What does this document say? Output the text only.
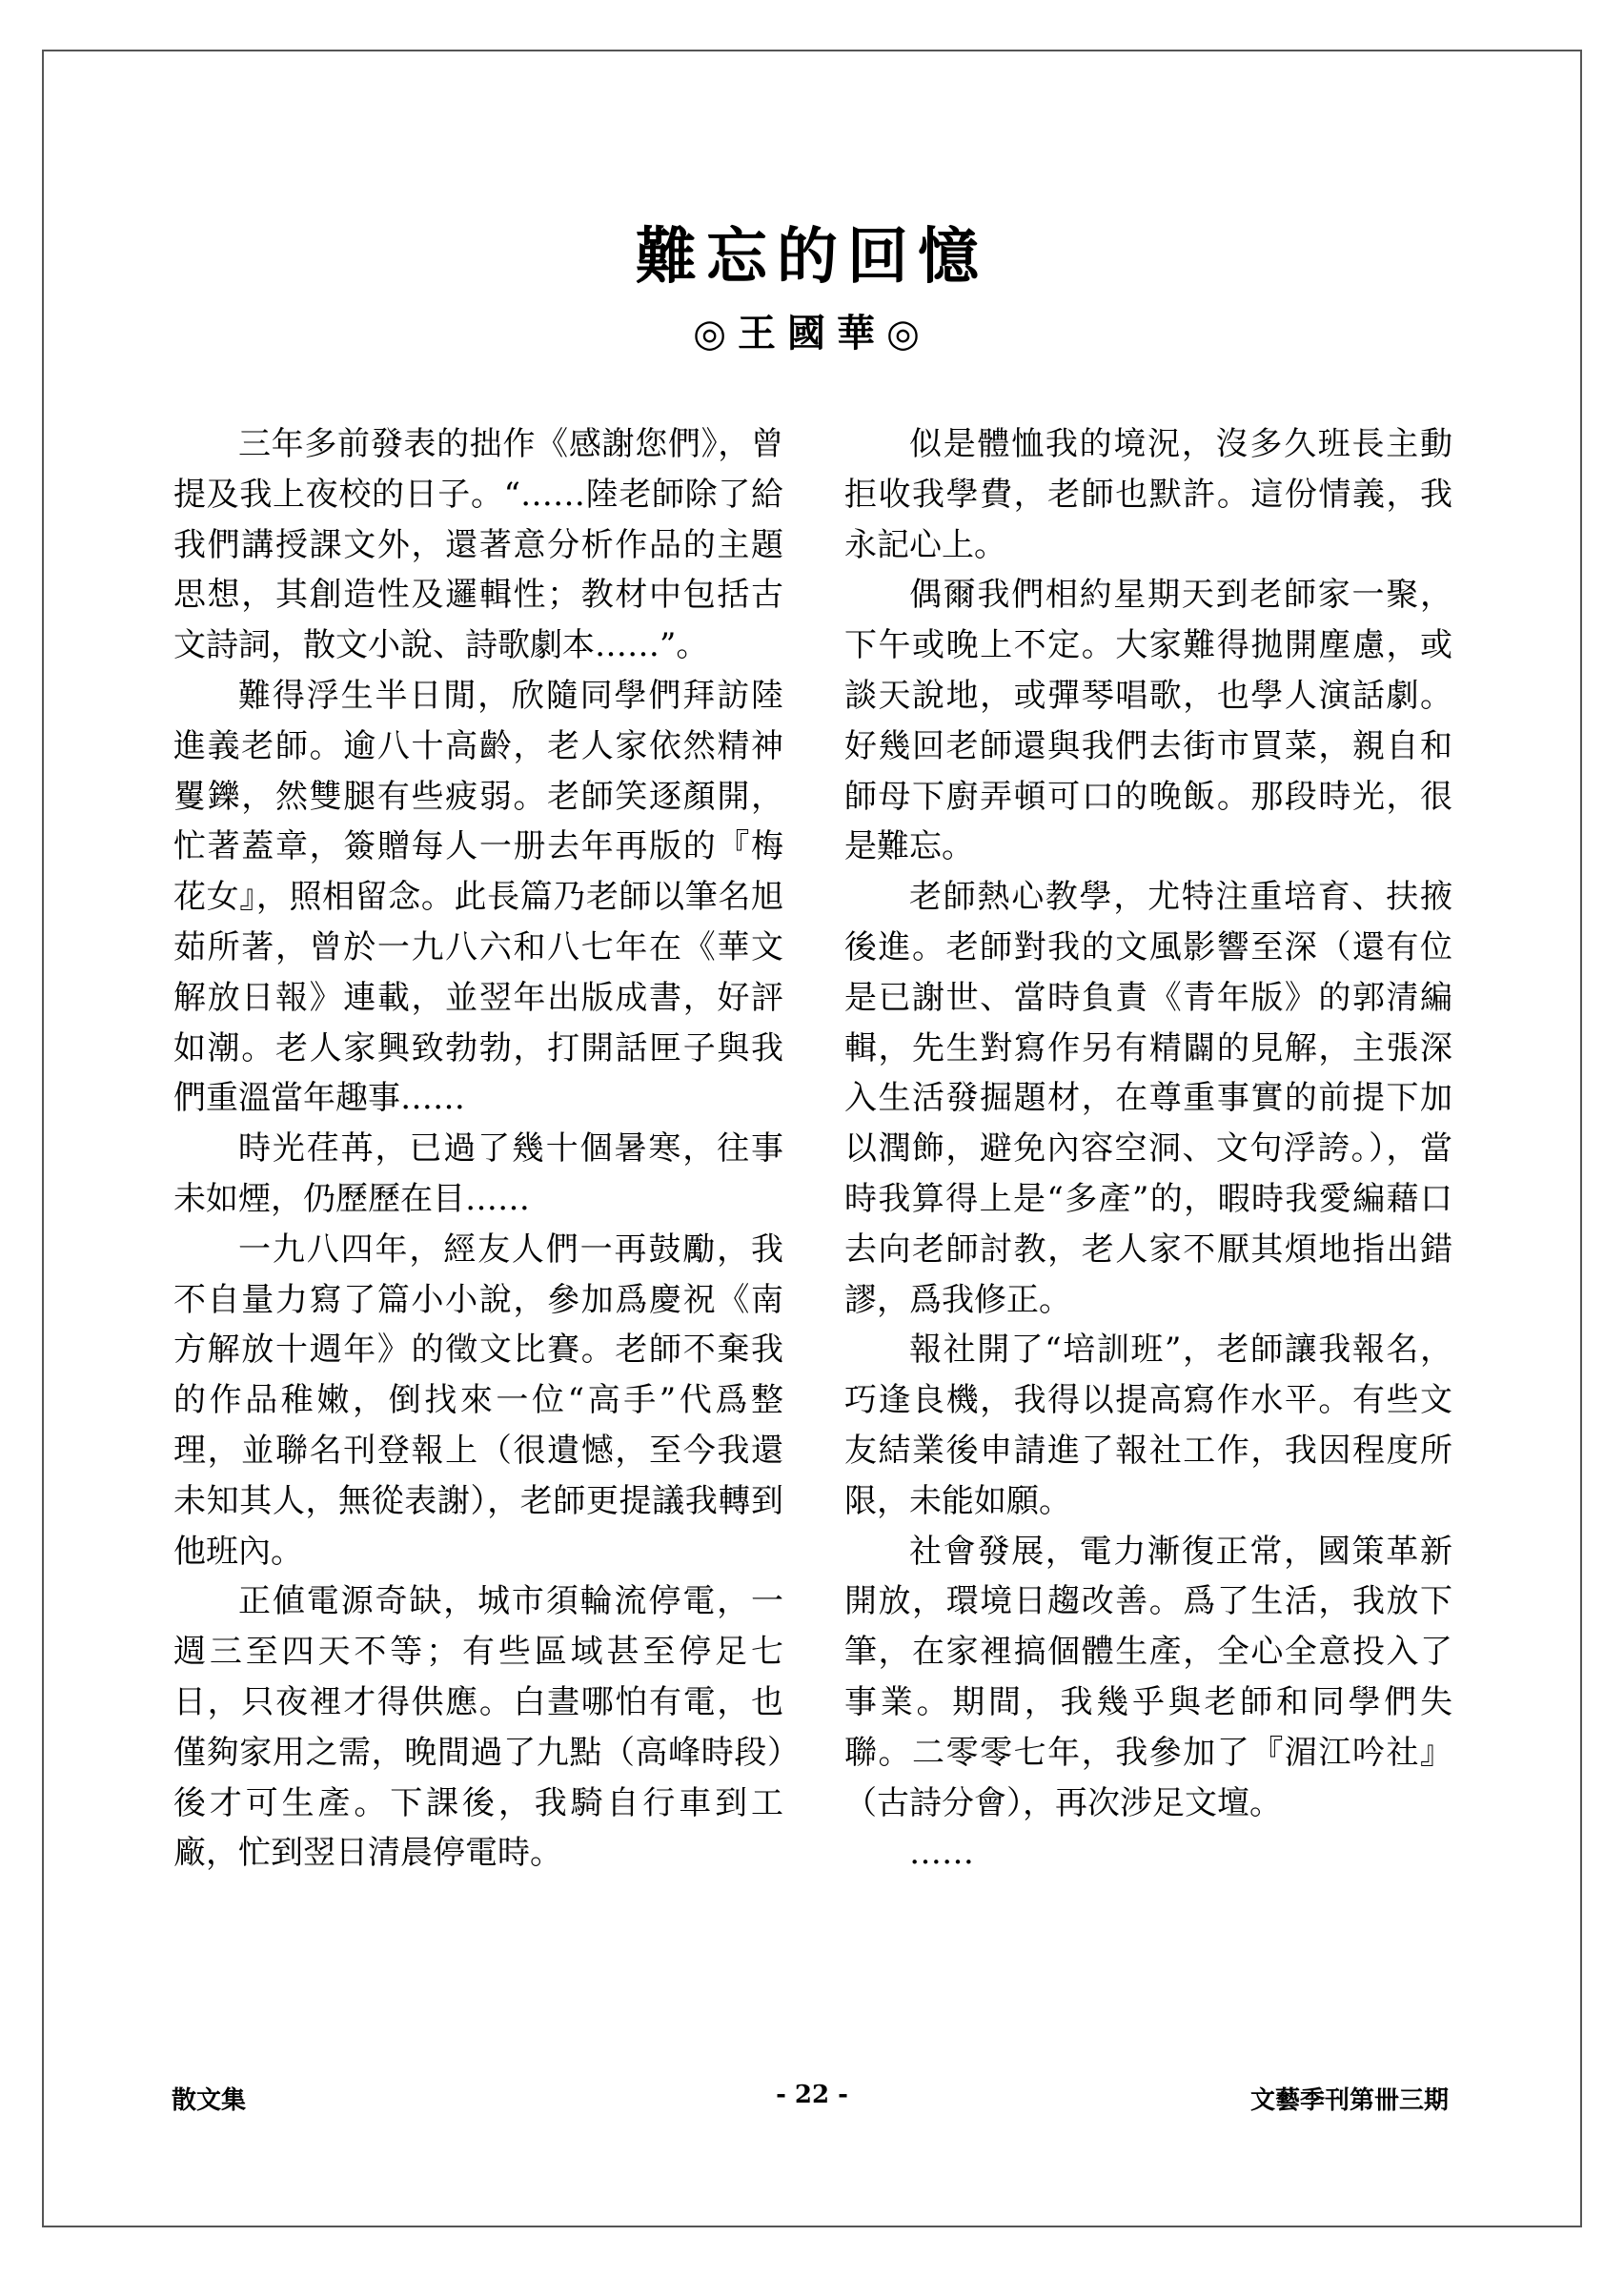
難忘的回憶
◎王國華◎

三年多前發表的拙作《感謝您們》，曾提及我上夜校的日子。“……陸老師除了給我們講授課文外，還著意分析作品的主題思想，其創造性及邏輯性；教材中包括古文詩詞，散文小說、詩歌劇本……”。

難得浮生半日閒，欣隨同學們拜訪陸進義老師。逾八十高齡，老人家依然精神矍鑠，然雙腿有些疲弱。老師笑逐顏開，忙著蓋章，簽贈每人一册去年再版的『梅花女』，照相留念。此長篇乃老師以筆名旭茹所著，曾於一九八六和八七年在《華文解放日報》連載，並翌年出版成書，好評如潮。老人家興致勃勃，打開話匣子與我們重溫當年趣事……

時光荏苒，已過了幾十個暑寒，往事未如煙，仍歷歷在目……

一九八四年，經友人們一再鼓勵，我不自量力寫了篇小小說，參加爲慶祝《南方解放十週年》的徵文比賽。老師不棄我的作品稚嫩，倒找來一位“高手”代爲整理，並聯名刊登報上（很遺憾，至今我還未知其人，無從表謝），老師更提議我轉到他班內。

正値電源奇缺，城市須輪流停電，一週三至四天不等；有些區域甚至停足七日，只夜裡才得供應。白晝哪怕有電，也僅夠家用之需，晚間過了九點（高峰時段）後才可生產。下課後，我騎自行車到工廠，忙到翌日清晨停電時。

似是體恤我的境況，沒多久班長主動拒收我學費，老師也默許。這份情義，我永記心上。

偶爾我們相約星期天到老師家一聚，下午或晚上不定。大家難得拋開塵慮，或談天說地，或彈琴唱歌，也學人演話劇。好幾回老師還與我們去街市買菜，親自和師母下廚弄頓可口的晚飯。那段時光，很是難忘。

老師熱心教學，尤特注重培育、扶掖後進。老師對我的文風影響至深（還有位是已謝世、當時負責《青年版》的郭清編輯，先生對寫作另有精闢的見解，主張深入生活發掘題材，在尊重事實的前提下加以潤飾，避免內容空洞、文句浮誇。），當時我算得上是“多產”的，暇時我愛編藉口去向老師討教，老人家不厭其煩地指出錯謬，爲我修正。

報社開了“培訓班”，老師讓我報名，巧逢良機，我得以提高寫作水平。有些文友結業後申請進了報社工作，我因程度所限，未能如願。

社會發展，電力漸復正常，國策革新開放，環境日趨改善。爲了生活，我放下筆，在家裡搞個體生產，全心全意投入了事業。期間，我幾乎與老師和同學們失聯。二零零七年，我參加了『湄江吟社』（古詩分會），再次涉足文壇。

……

散文集	- 22 -	文藝季刊第卌三期
